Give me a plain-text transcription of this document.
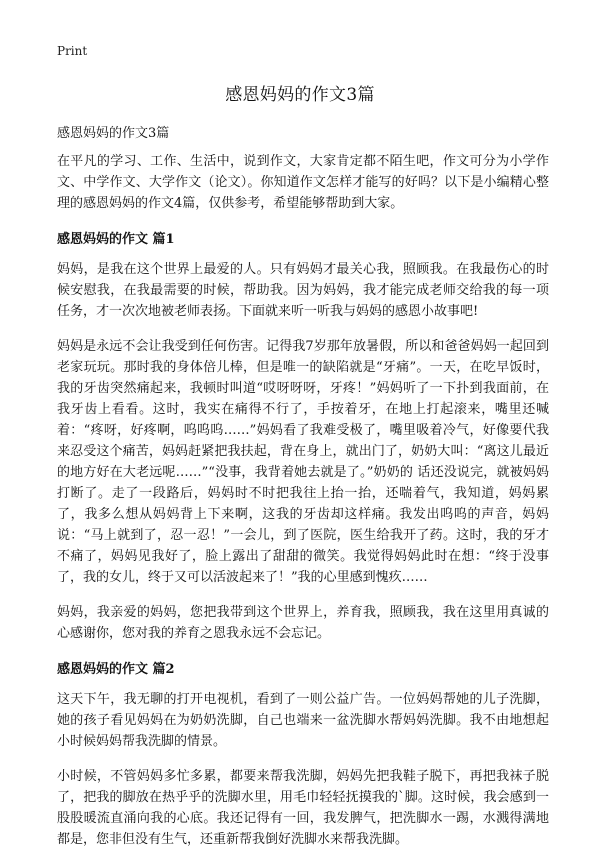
Print
感恩妈妈的作文3篇
感恩妈妈的作文3篇

在平凡的学习、工作、生活中，说到作文，大家肯定都不陌生吧，作文可分为小学作文、中学作文、大学作文（论文）。你知道作文怎样才能写的好吗？以下是小编精心整理的感恩妈妈的作文4篇，仅供参考，希望能够帮助到大家。

感恩妈妈的作文 篇1

妈妈，是我在这个世界上最爱的人。只有妈妈才最关心我，照顾我。在我最伤心的时候安慰我，在我最需要的时候，帮助我。因为妈妈，我才能完成老师交给我的每一项任务，才一次次地被老师表扬。下面就来听一听我与妈妈的感恩小故事吧!

妈妈是永远不会让我受到任何伤害。记得我7岁那年放暑假，所以和爸爸妈妈一起回到老家玩玩。那时我的身体倍儿棒，但是唯一的缺陷就是“牙痛”。一天，在吃早饭时，我的牙齿突然痛起来，我顿时叫道“哎呀呀呀，牙疼！”妈妈听了一下扑到我面前，在我牙齿上看看。这时，我实在痛得不行了，手按着牙，在地上打起滚来，嘴里还喊着：“疼呀，好疼啊，呜呜呜……”妈妈看了我难受极了，嘴里吸着冷气，好像要代我来忍受这个痛苦，妈妈赶紧把我扶起，背在身上，就出门了，奶奶大叫：“离这儿最近的地方好在大老远呢……”“没事，我背着她去就是了。”奶奶的 话还没说完，就被妈妈打断了。走了一段路后，妈妈时不时把我往上抬一抬，还喘着气，我知道，妈妈累了，我多么想从妈妈背上下来啊，这我的牙齿却这样痛。我发出呜呜的声音，妈妈说：“马上就到了，忍一忍！”一会儿，到了医院，医生给我开了药。这时，我的牙才不痛了，妈妈见我好了，脸上露出了甜甜的微笑。我觉得妈妈此时在想：“终于没事了，我的女儿，终于又可以活波起来了！”我的心里感到愧疚……

妈妈，我亲爱的妈妈，您把我带到这个世界上，养育我，照顾我，我在这里用真诚的心感谢你，您对我的养育之恩我永远不会忘记。

感恩妈妈的作文 篇2

这天下午，我无聊的打开电视机，看到了一则公益广告。一位妈妈帮她的儿子洗脚，她的孩子看见妈妈在为奶奶洗脚，自己也端来一盆洗脚水帮妈妈洗脚。我不由地想起小时候妈妈帮我洗脚的情景。

小时候，不管妈妈多忙多累，都要来帮我洗脚，妈妈先把我鞋子脱下，再把我袜子脱了，把我的脚放在热乎乎的洗脚水里，用毛巾轻轻抚摸我的`脚。这时候，我会感到一股股暖流直涌向我的心底。我还记得有一回，我发脾气，把洗脚水一踢，水溅得满地都是，您非但没有生气，还重新帮我倒好洗脚水来帮我洗脚。
